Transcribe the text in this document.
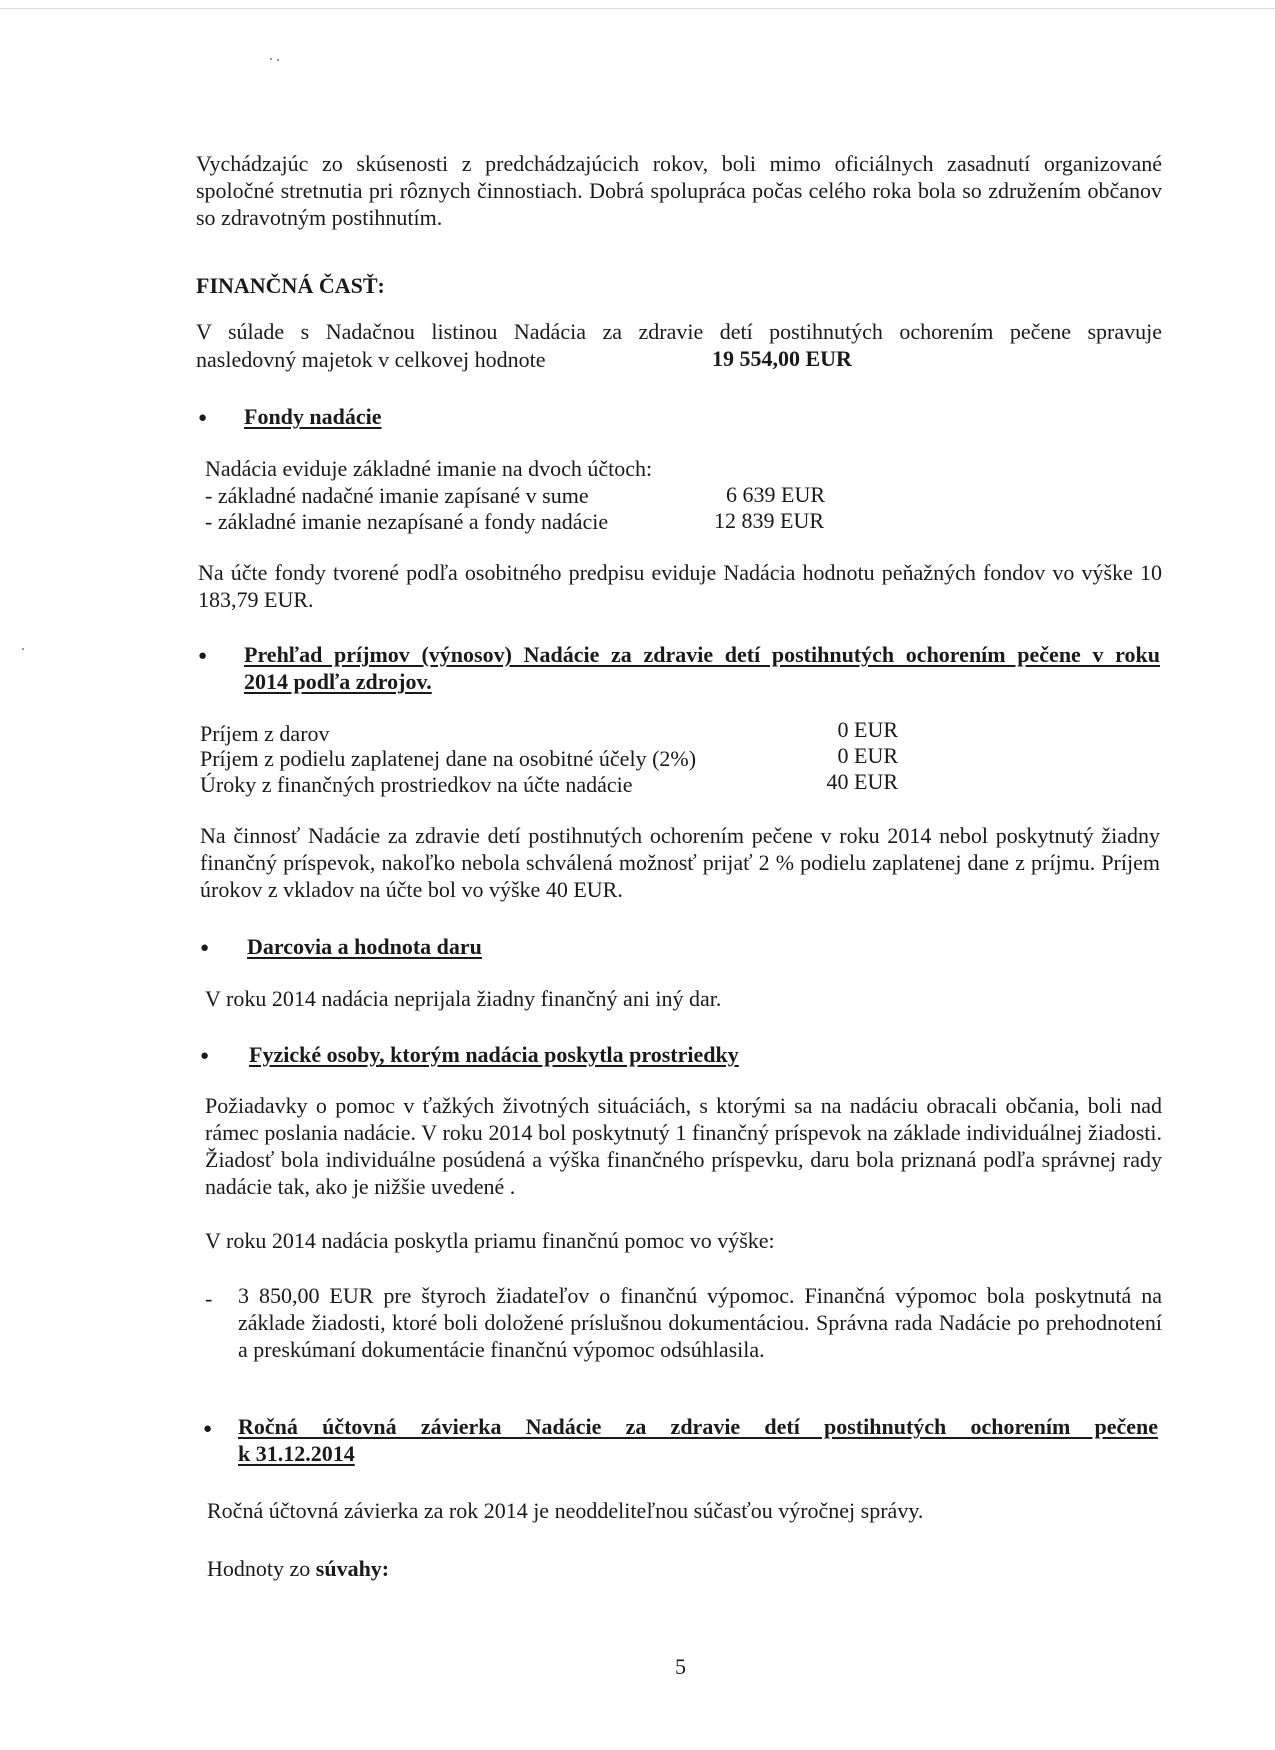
Vychádzajúc zo skúsenosti z predchádzajúcich rokov, boli mimo oficiálnych zasadnutí organizované spoločné stretnutia pri rôznych činnostiach. Dobrá spolupráca počas celého roka bola so združením občanov so zdravotným postihnutím.
FINANČNÁ ČASŤ:
V súlade s Nadačnou listinou Nadácia za zdravie detí postihnutých ochorením pečene spravuje
nasledovný majetok v celkovej hodnote	19 554,00 EUR
● Fondy nadácie
Nadácia eviduje základné imanie na dvoch účtoch:
- základné nadačné imanie zapísané v sume	6 639 EUR
- základné imanie nezapísané a fondy nadácie	12 839 EUR
Na účte fondy tvorené podľa osobitného predpisu eviduje Nadácia hodnotu peňažných fondov vo výške 10 183,79 EUR.
● Prehľad príjmov (výnosov) Nadácie za zdravie detí postihnutých ochorením pečene v roku
2014 podľa zdrojov.
Príjem z darov	0 EUR
Príjem z podielu zaplatenej dane na osobitné účely (2%)	0 EUR
Úroky z finančných prostriedkov na účte nadácie	40 EUR
Na činnosť Nadácie za zdravie detí postihnutých ochorením pečene v roku 2014 nebol poskytnutý žiadny finančný príspevok, nakoľko nebola schválená možnosť prijať 2 % podielu zaplatenej dane z príjmu. Príjem úrokov z vkladov na účte bol vo výške 40 EUR.
● Darcovia a hodnota daru
V roku 2014 nadácia neprijala žiadny finančný ani iný dar.
● Fyzické osoby, ktorým nadácia poskytla prostriedky
Požiadavky o pomoc v ťažkých životných situáciách, s ktorými sa na nadáciu obracali občania, boli nad rámec poslania nadácie. V roku 2014 bol poskytnutý 1 finančný príspevok na základe individuálnej žiadosti. Žiadosť bola individuálne posúdená a výška finančného príspevku, daru bola priznaná podľa správnej rady nadácie tak, ako je nižšie uvedené .
V roku 2014 nadácia poskytla priamu finančnú pomoc vo výške:
- 3 850,00 EUR pre štyroch žiadateľov o finančnú výpomoc. Finančná výpomoc bola poskytnutá na základe žiadosti, ktoré boli doložené príslušnou dokumentáciou. Správna rada Nadácie po prehodnotení a preskúmaní dokumentácie finančnú výpomoc odsúhlasila.
● Ročná účtovná závierka Nadácie za zdravie detí postihnutých ochorením pečene
k 31.12.2014
Ročná účtovná závierka za rok 2014 je neoddeliteľnou súčasťou výročnej správy.
Hodnoty zo súvahy:
5
